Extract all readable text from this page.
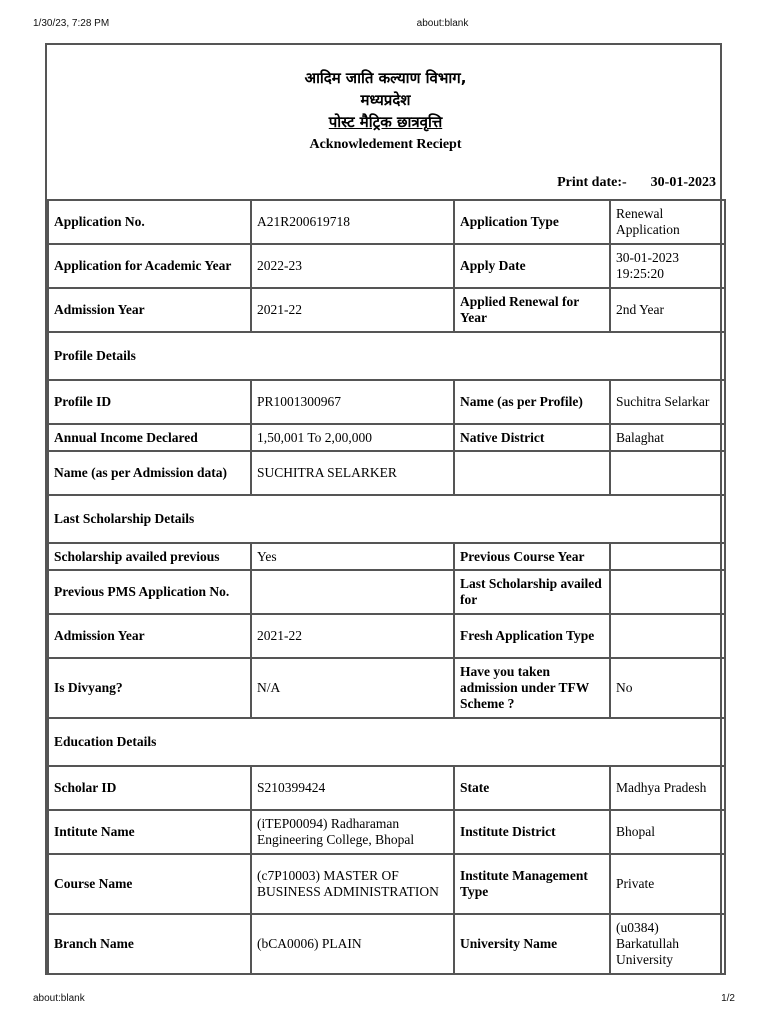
1/30/23, 7:28 PM	about:blank
आदिम जाति कल्याण विभाग,
मध्यप्रदेश
पोस्ट मैट्रिक छात्रवृत्ति
Acknowledement Reciept
Print date:- 30-01-2023
Application No.	A21R200619718	Application Type	Renewal Application
Application for Academic Year	2022-23	Apply Date	30-01-2023 19:25:20
Admission Year	2021-22	Applied Renewal for Year	2nd Year
Profile Details			
Profile ID	PR1001300967	Name (as per Profile)	Suchitra Selarkar
Annual Income Declared	1,50,001 To 2,00,000	Native District	Balaghat
Name (as per Admission data)	SUCHITRA SELARKER		
Last Scholarship Details			
Scholarship availed previous	Yes	Previous Course Year	
Previous PMS Application No.		Last Scholarship availed for	
Admission Year	2021-22	Fresh Application Type	
Is Divyang?	N/A	Have you taken admission under TFW Scheme ?	No
Education Details			
Scholar ID	S210399424	State	Madhya Pradesh
Intitute Name	(iTEP00094) Radharaman Engineering College, Bhopal	Institute District	Bhopal
Course Name	(c7P10003) MASTER OF BUSINESS ADMINISTRATION	Institute Management Type	Private
Branch Name	(bCA0006) PLAIN	University Name	(u0384) Barkatullah University
about:blank	1/2
